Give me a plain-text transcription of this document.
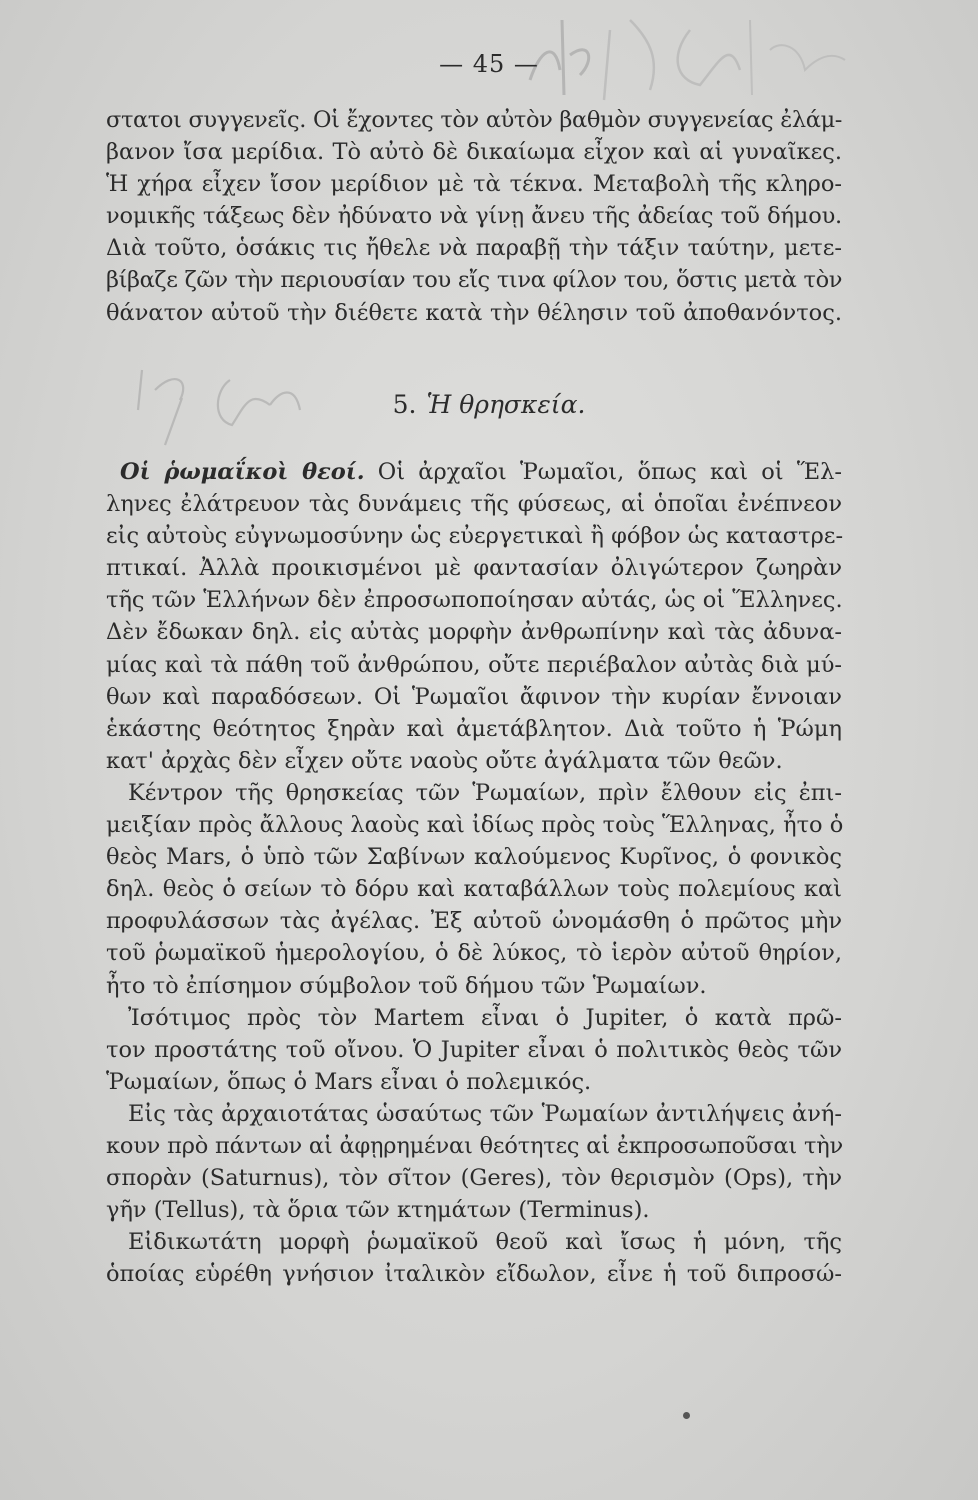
— 45 —
στατοι συγγενεῖς. Οἱ ἔχοντες τὸν αὐτὸν βαθμὸν συγγενείας ἐλάμ-
βανον ἴσα μερίδια. Τὸ αὐτὸ δὲ δικαίωμα εἶχον καὶ αἱ γυναῖκες.
Ἡ χήρα εἶχεν ἴσον μερίδιον μὲ τὰ τέκνα. Μεταβολὴ τῆς κληρο-
νομικῆς τάξεως δὲν ἠδύνατο νὰ γίνῃ ἄνευ τῆς ἀδείας τοῦ δήμου.
Διὰ τοῦτο, ὁσάκις τις ἤθελε νὰ παραβῇ τὴν τάξιν ταύτην, μετε-
βίβαζε ζῶν τὴν περιουσίαν του εἴς τινα φίλον του, ὅστις μετὰ τὸν
θάνατον αὐτοῦ τὴν διέθετε κατὰ τὴν θέλησιν τοῦ ἀποθανόντος.
5. Ἡ θρησκεία.
Οἱ ῥωμαΐκοὶ θεοί. Οἱ ἀρχαῖοι Ῥωμαῖοι, ὅπως καὶ οἱ Ἕλ-
ληνες ἐλάτρευον τὰς δυνάμεις τῆς φύσεως, αἱ ὁποῖαι ἐνέπνεον
εἰς αὐτοὺς εὐγνωμοσύνην ὡς εὐεργετικαὶ ἢ φόβον ὡς καταστρε-
πτικαί. Ἀλλὰ προικισμένοι μὲ φαντασίαν ὀλιγώτερον ζωηρὰν
τῆς τῶν Ἑλλήνων δὲν ἐπροσωποποίησαν αὐτάς, ὡς οἱ Ἕλληνες.
Δὲν ἔδωκαν δηλ. εἰς αὐτὰς μορφὴν ἀνθρωπίνην καὶ τὰς ἀδυνα-
μίας καὶ τὰ πάθη τοῦ ἀνθρώπου, οὔτε περιέβαλον αὐτὰς διὰ μύ-
θων καὶ παραδόσεων. Οἱ Ῥωμαῖοι ἄφινον τὴν κυρίαν ἔννοιαν
ἑκάστης θεότητος ξηρὰν καὶ ἀμετάβλητον. Διὰ τοῦτο ἡ Ῥώμη
κατ' ἀρχὰς δὲν εἶχεν οὔτε ναοὺς οὔτε ἀγάλματα τῶν θεῶν.
Κέντρον τῆς θρησκείας τῶν Ῥωμαίων, πρὶν ἔλθουν εἰς ἐπι-
μειξίαν πρὸς ἄλλους λαοὺς καὶ ἰδίως πρὸς τοὺς Ἕλληνας, ἦτο ὁ
θεὸς Mars, ὁ ὑπὸ τῶν Σαβίνων καλούμενος Κυρῖνος, ὁ φονικὸς
δηλ. θεὸς ὁ σείων τὸ δόρυ καὶ καταβάλλων τοὺς πολεμίους καὶ
προφυλάσσων τὰς ἀγέλας. Ἐξ αὐτοῦ ὠνομάσθη ὁ πρῶτος μὴν
τοῦ ῥωμαϊκοῦ ἡμερολογίου, ὁ δὲ λύκος, τὸ ἱερὸν αὐτοῦ θηρίον,
ἦτο τὸ ἐπίσημον σύμβολον τοῦ δήμου τῶν Ῥωμαίων.
Ἰσότιμος πρὸς τὸν Martem εἶναι ὁ Jupiter, ὁ κατὰ πρῶ-
τον προστάτης τοῦ οἴνου. Ὁ Jupiter εἶναι ὁ πολιτικὸς θεὸς τῶν
Ῥωμαίων, ὅπως ὁ Mars εἶναι ὁ πολεμικός.
Εἰς τὰς ἀρχαιοτάτας ὡσαύτως τῶν Ῥωμαίων ἀντιλήψεις ἀνή-
κουν πρὸ πάντων αἱ ἀφῃρημέναι θεότητες αἱ ἐκπροσωποῦσαι τὴν
σπορὰν (Saturnus), τὸν σῖτον (Geres), τὸν θερισμὸν (Ops), τὴν
γῆν (Tellus), τὰ ὅρια τῶν κτημάτων (Terminus).
Εἰδικωτάτη μορφὴ ῥωμαϊκοῦ θεοῦ καὶ ἴσως ἡ μόνη, τῆς
ὁποίας εὑρέθη γνήσιον ἰταλικὸν εἴδωλον, εἶνε ἡ τοῦ διπροσώ-
